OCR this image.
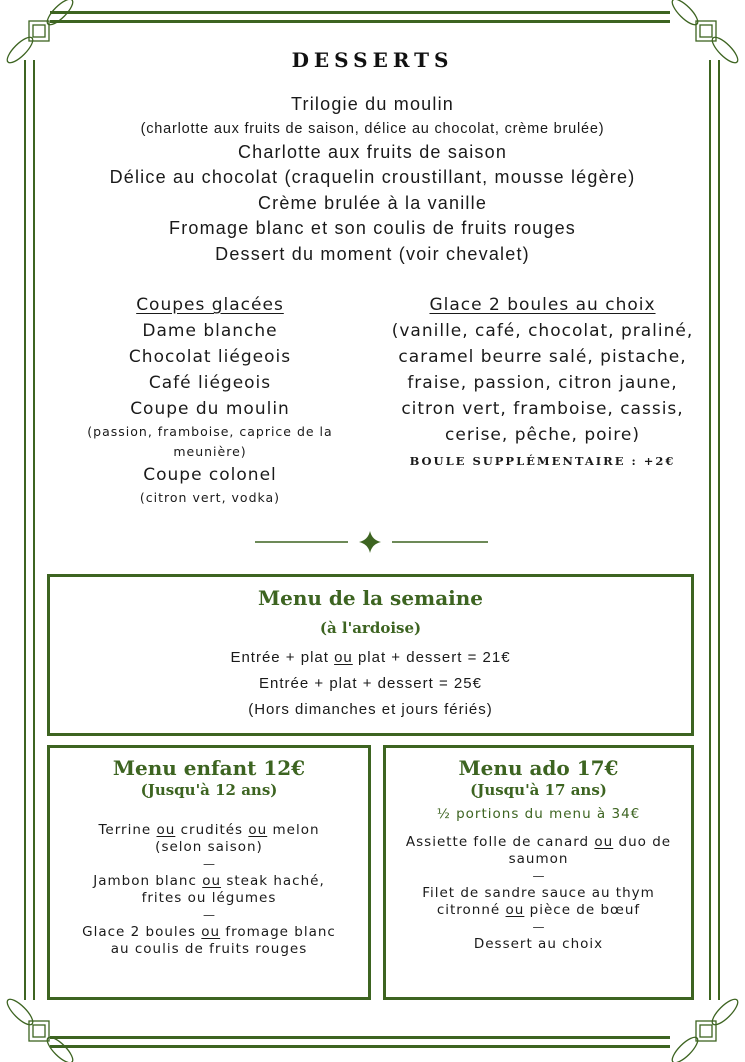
DESSERTS
Trilogie du moulin
(charlotte aux fruits de saison, délice au chocolat, crème brulée)
Charlotte aux fruits de saison
Délice au chocolat (craquelin croustillant, mousse légère)
Crème brulée à la vanille
Fromage blanc et son coulis de fruits rouges
Dessert du moment (voir chevalet)
Coupes glacées
Dame blanche
Chocolat liégeois
Café liégeois
Coupe du moulin
(passion, framboise, caprice de la meunière)
Coupe colonel
(citron vert, vodka)
Glace 2 boules au choix
(vanille, café, chocolat, praliné, caramel beurre salé, pistache, fraise, passion, citron jaune, citron vert, framboise, cassis, cerise, pêche, poire)
BOULE SUPPLÉMENTAIRE : +2€
Menu de la semaine
(à l'ardoise)
Entrée + plat ou plat + dessert = 21€
Entrée + plat + dessert = 25€
(Hors dimanches et jours fériés)
Menu enfant 12€
(Jusqu'à 12 ans)
Terrine ou crudités ou melon
(selon saison)
—
Jambon blanc ou steak haché,
frites ou légumes
—
Glace 2 boules ou fromage blanc
au coulis de fruits rouges
Menu ado 17€
(Jusqu'à 17 ans)
½ portions du menu à 34€
Assiette folle de canard ou duo de saumon
—
Filet de sandre sauce au thym
citronné ou pièce de bœuf
—
Dessert au choix
